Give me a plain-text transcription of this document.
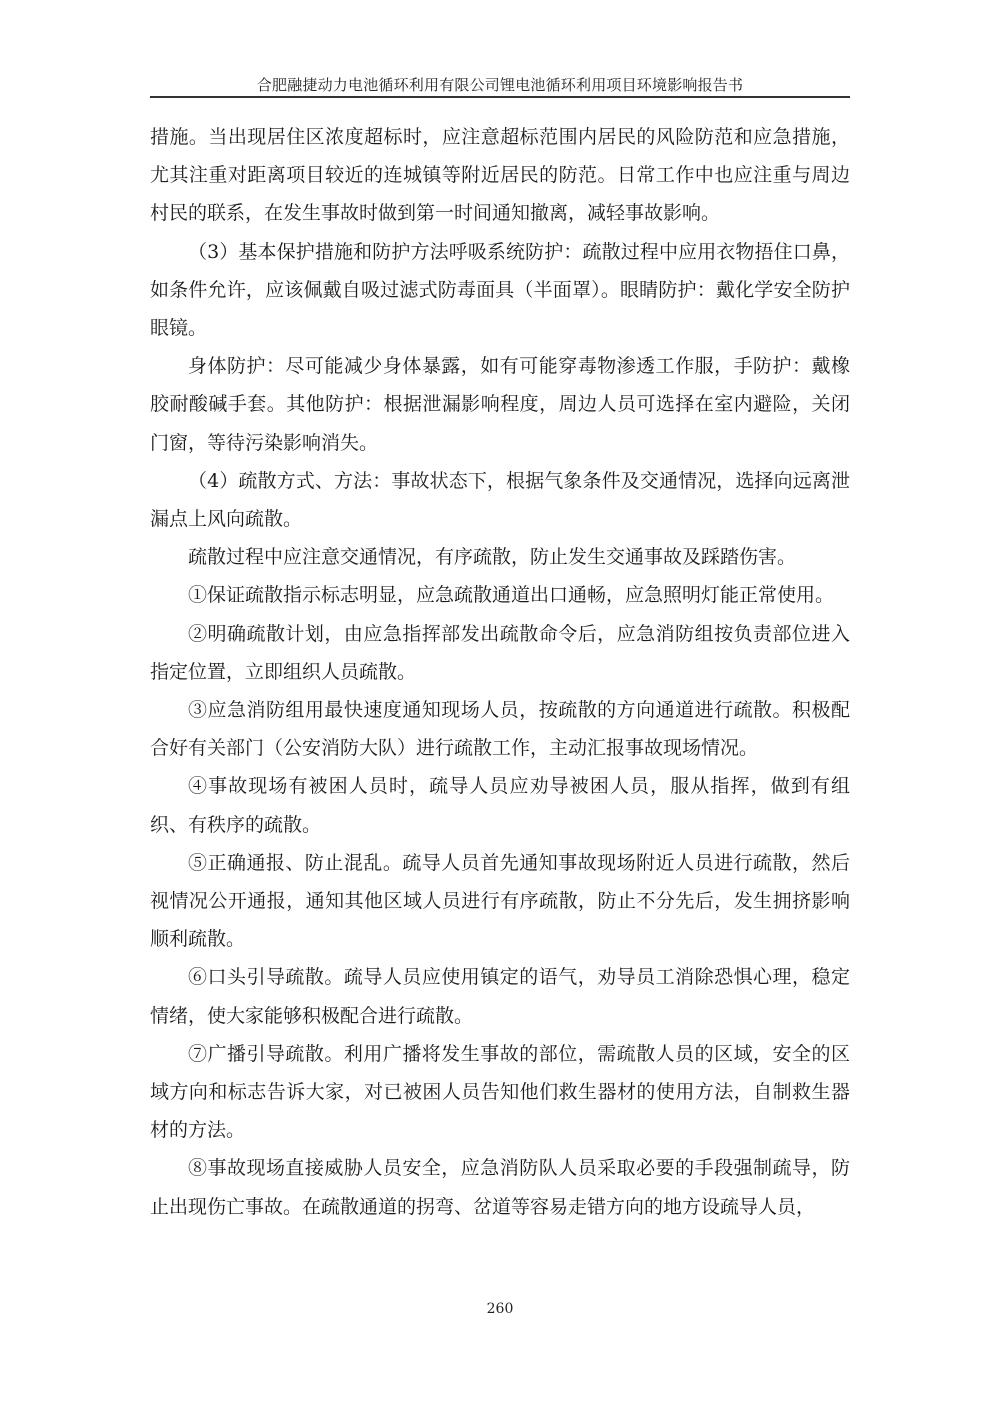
合肥融捷动力电池循环利用有限公司锂电池循环利用项目环境影响报告书

措施。当出现居住区浓度超标时，应注意超标范围内居民的风险防范和应急措施，尤其注重对距离项目较近的连城镇等附近居民的防范。日常工作中也应注重与周边村民的联系，在发生事故时做到第一时间通知撤离，减轻事故影响。

（3）基本保护措施和防护方法呼吸系统防护：疏散过程中应用衣物捂住口鼻，如条件允许，应该佩戴自吸过滤式防毒面具（半面罩）。眼睛防护：戴化学安全防护眼镜。

身体防护：尽可能减少身体暴露，如有可能穿毒物渗透工作服，手防护：戴橡胶耐酸碱手套。其他防护：根据泄漏影响程度，周边人员可选择在室内避险，关闭门窗，等待污染影响消失。

（4）疏散方式、方法：事故状态下，根据气象条件及交通情况，选择向远离泄漏点上风向疏散。

疏散过程中应注意交通情况，有序疏散，防止发生交通事故及踩踏伤害。

①保证疏散指示标志明显，应急疏散通道出口通畅，应急照明灯能正常使用。

②明确疏散计划，由应急指挥部发出疏散命令后，应急消防组按负责部位进入指定位置，立即组织人员疏散。

③应急消防组用最快速度通知现场人员，按疏散的方向通道进行疏散。积极配合好有关部门（公安消防大队）进行疏散工作，主动汇报事故现场情况。

④事故现场有被困人员时，疏导人员应劝导被困人员，服从指挥，做到有组织、有秩序的疏散。

⑤正确通报、防止混乱。疏导人员首先通知事故现场附近人员进行疏散，然后视情况公开通报，通知其他区域人员进行有序疏散，防止不分先后，发生拥挤影响顺利疏散。

⑥口头引导疏散。疏导人员应使用镇定的语气，劝导员工消除恐惧心理，稳定情绪，使大家能够积极配合进行疏散。

⑦广播引导疏散。利用广播将发生事故的部位，需疏散人员的区域，安全的区域方向和标志告诉大家，对已被困人员告知他们救生器材的使用方法，自制救生器材的方法。

⑧事故现场直接威胁人员安全，应急消防队人员采取必要的手段强制疏导，防止出现伤亡事故。在疏散通道的拐弯、岔道等容易走错方向的地方设疏导人员，

260
